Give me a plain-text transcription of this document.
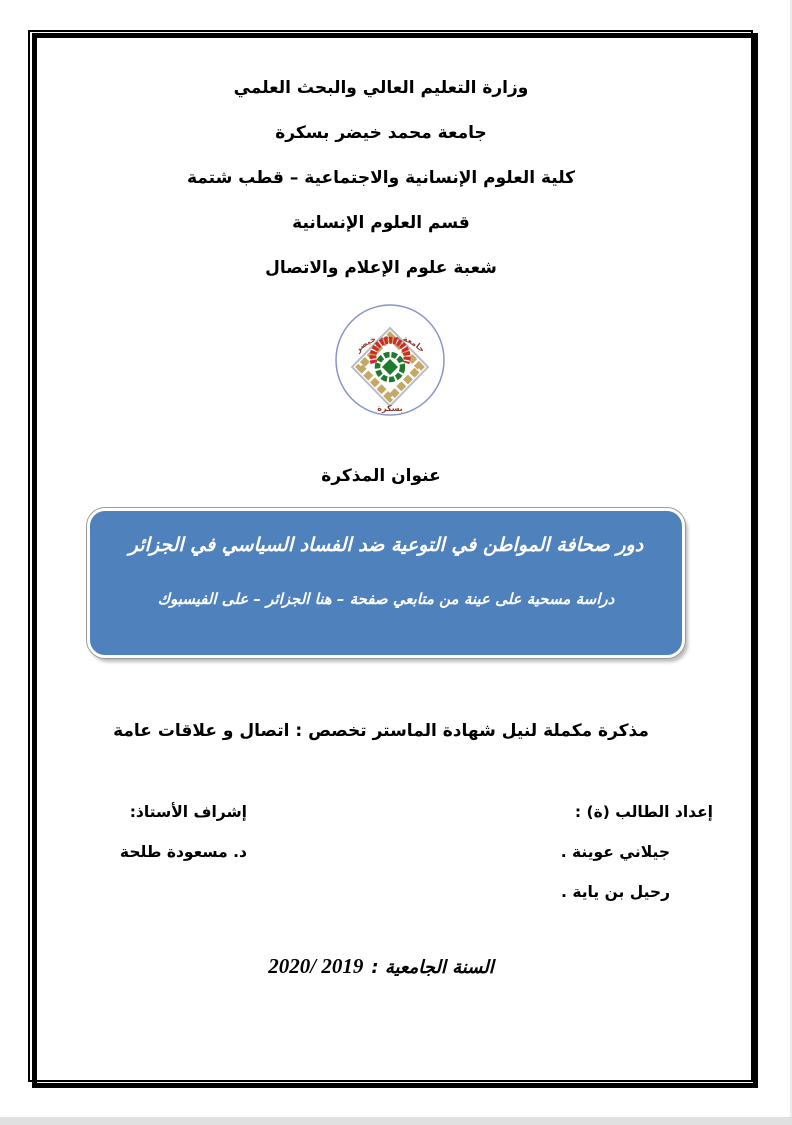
وزارة التعليم العالي والبحث العلمي
جامعة محمد خيضر بسكرة
كلية العلوم الإنسانية والاجتماعية – قطب شتمة
قسم العلوم الإنسانية
شعبة علوم الإعلام والاتصال
جامعة محمد خيضر
بسكرة
عنوان المذكرة
دور صحافة المواطن في التوعية ضد الفساد السياسي في الجزائر
دراسة مسحية على عينة من متابعي صفحة – هنا الجزائر – على الفيسبوك
مذكرة مكملة لنيل شهادة الماستر تخصص : اتصال و علاقات عامة
إعداد الطالب (ة) :
جيلاني عوينة .
رحيل بن ياية .
إشراف الأستاذ:
د. مسعودة طلحة
السنة الجامعية :
2020/ 2019
